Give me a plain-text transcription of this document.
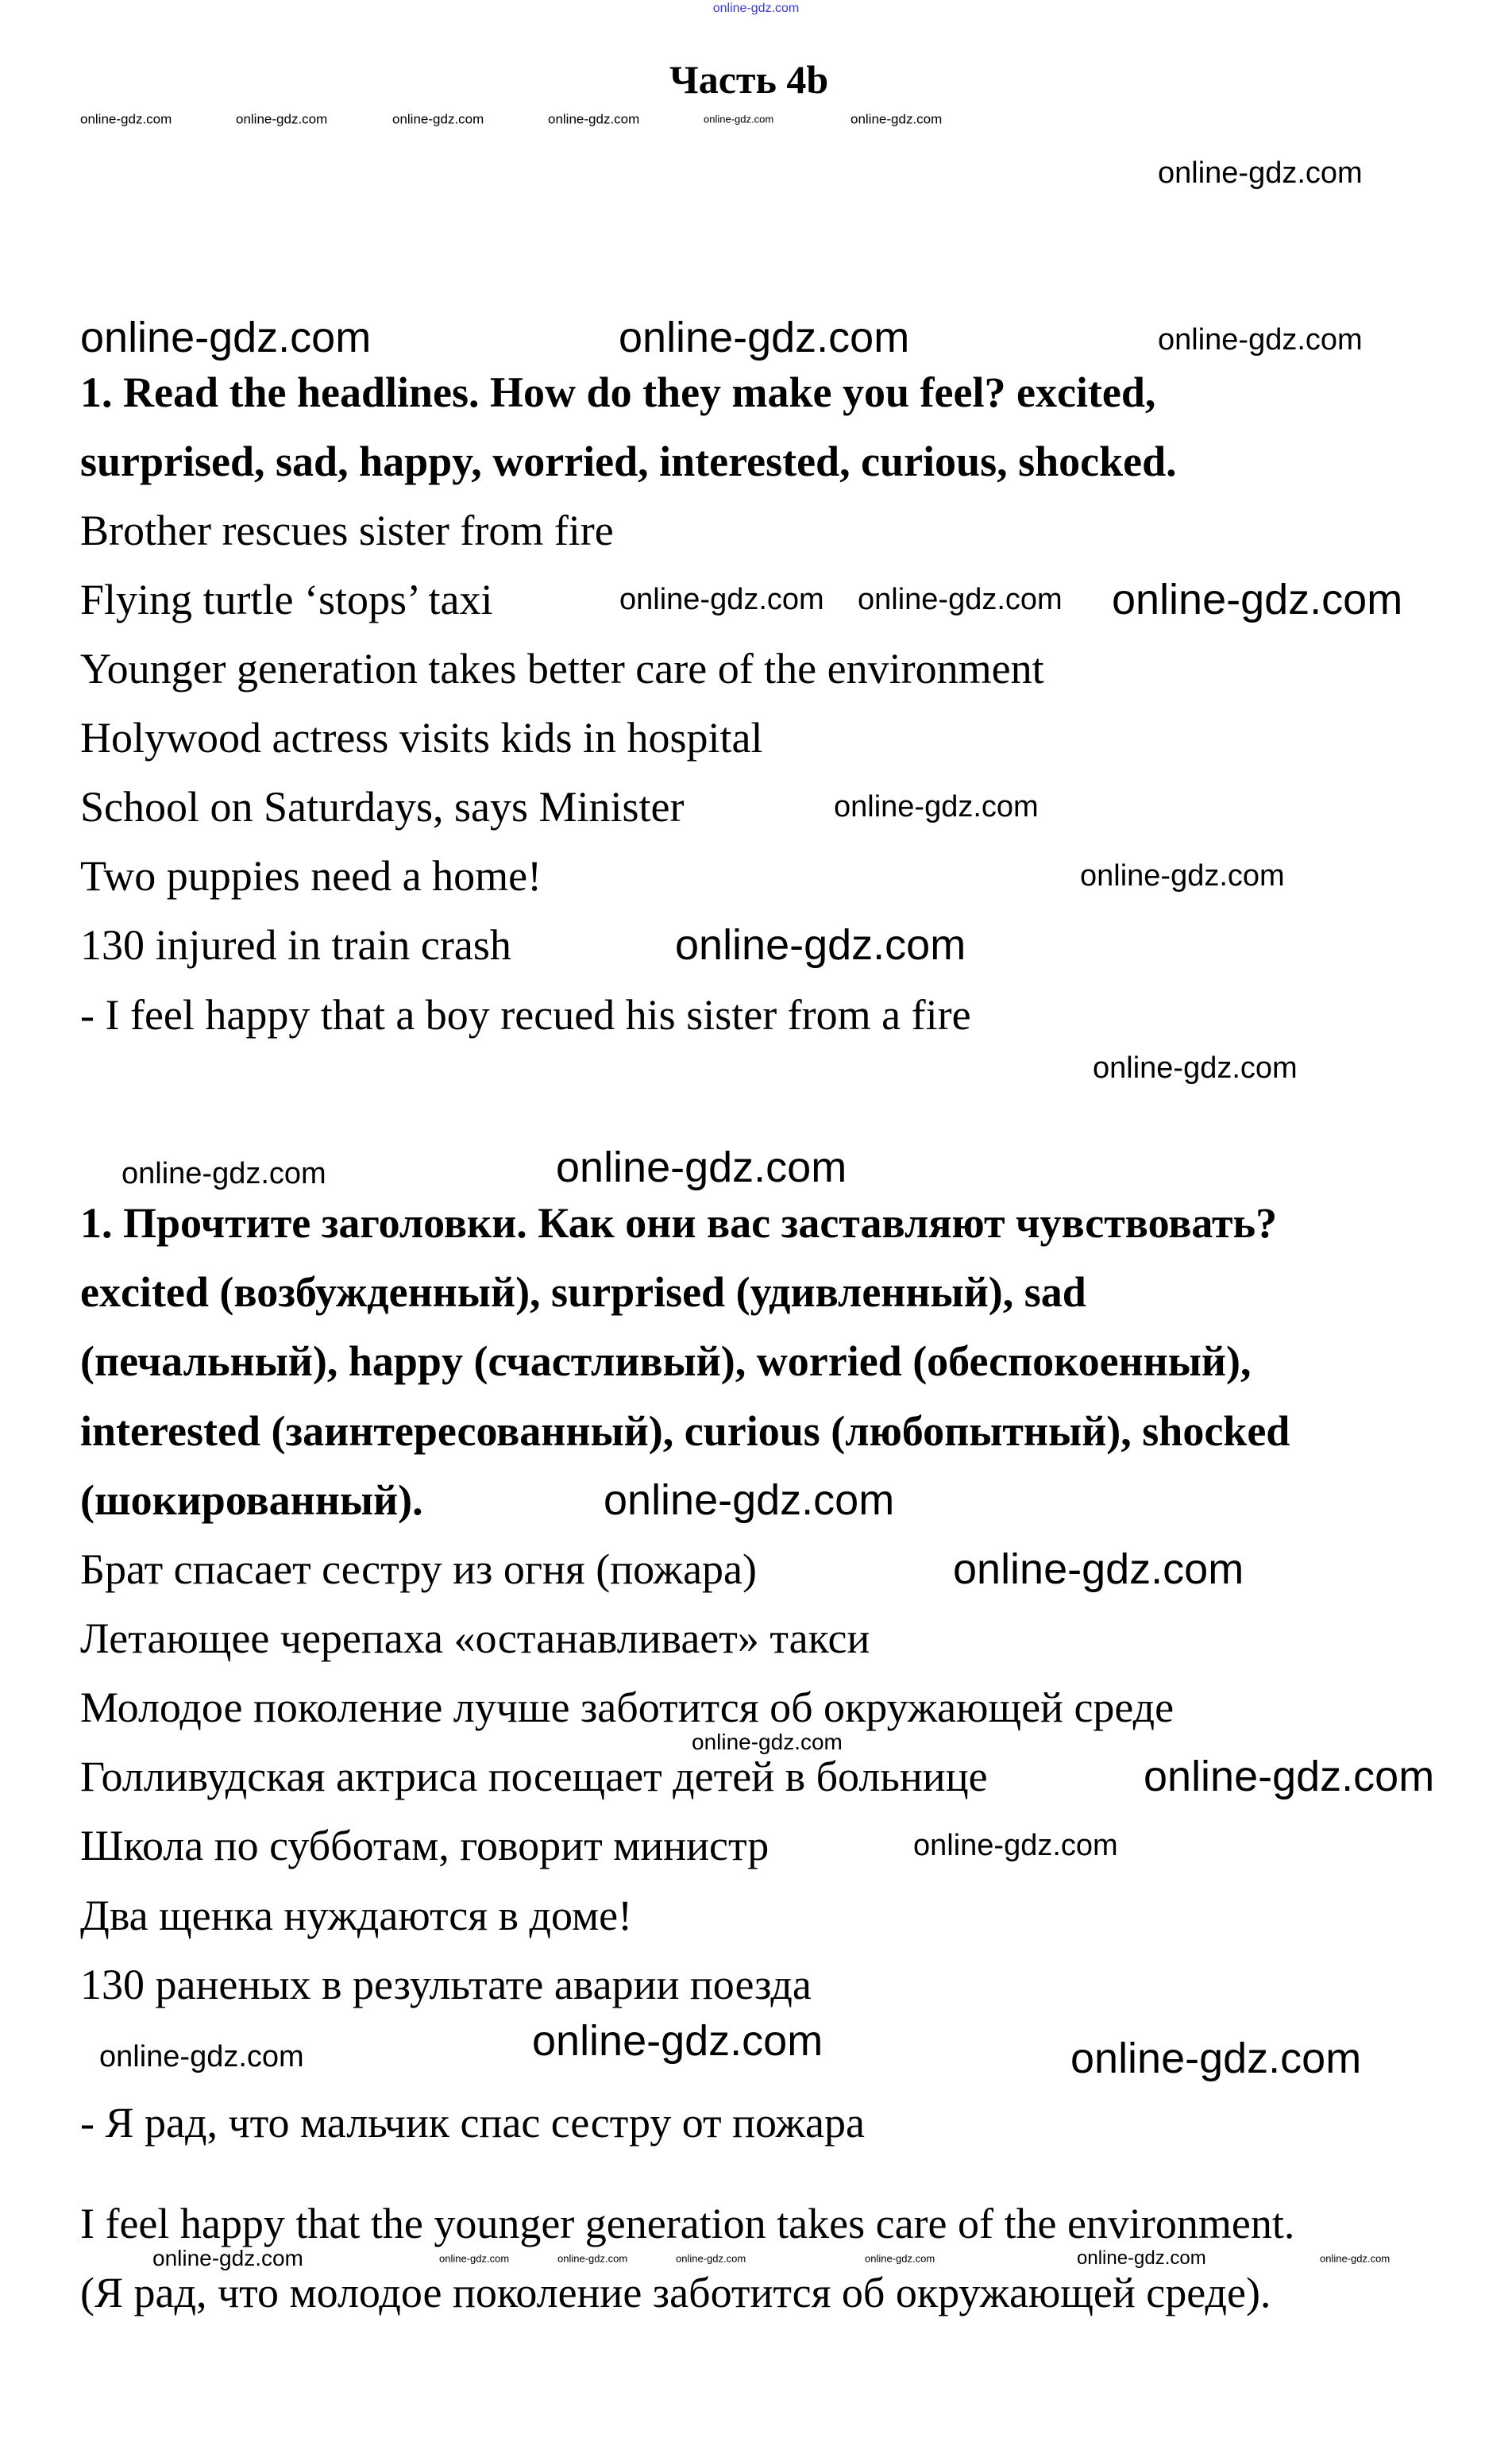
online-gdz.com
Часть 4b
1. Read the headlines. How do they make you feel? excited,
surprised, sad, happy, worried, interested, curious, shocked.
Brother rescues sister from fire
Flying turtle ‘stops’ taxi
Younger generation takes better care of the environment
Holywood actress visits kids in hospital
School on Saturdays, says Minister
Two puppies need a home!
130 injured in train crash
- I feel happy that a boy recued his sister from a fire
1. Прочтите заголовки. Как они вас заставляют чувствовать?
excited (возбужденный), surprised (удивленный), sad
(печальный), happy (счастливый), worried (обеспокоенный),
interested (заинтересованный), curious (любопытный), shocked
(шокированный).
Брат спасает сестру из огня (пожара)
Летающее черепаха «останавливает» такси
Молодое поколение лучше заботится об окружающей среде
Голливудская актриса посещает детей в больнице
Школа по субботам, говорит министр
Два щенка нуждаются в доме!
130 раненых в результате аварии поезда
- Я рад, что мальчик спас сестру от пожара
I feel happy that the younger generation takes care of the environment.
(Я рад, что молодое поколение заботится об окружающей среде).
online-gdz.com	online-gdz.com	online-gdz.com	online-gdz.com	online-gdz.com	online-gdz.com
online-gdz.com
online-gdz.com	online-gdz.com	online-gdz.com
online-gdz.com online-gdz.com online-gdz.com
online-gdz.com
online-gdz.com
online-gdz.com
online-gdz.com
online-gdz.com	online-gdz.com
online-gdz.com
online-gdz.com
online-gdz.com
online-gdz.com
online-gdz.com
online-gdz.com
online-gdz.com	online-gdz.com
online-gdz.com	online-gdz.com
online-gdz.com	online-gdz.com	online-gdz.com	online-gdz.com	online-gdz.com
